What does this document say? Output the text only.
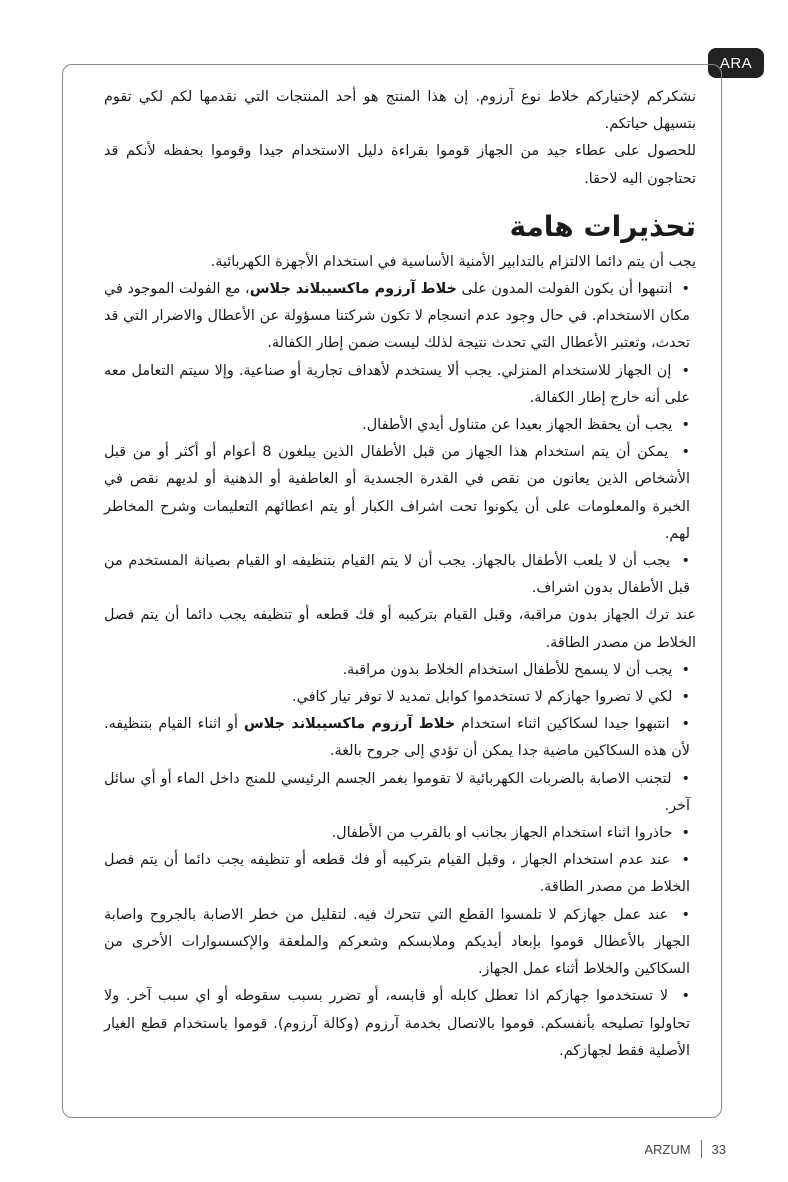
ARA

نشكركم لإختياركم خلاط نوع آرزوم. إن هذا المنتج هو أحد المنتجات التي نقدمها لكم لكي تقوم بتسيهل حياتكم.

للحصول على عطاء جيد من الجهاز قوموا بقراءة دليل الاستخدام جيدا وقوموا بحفظه لأنكم قد تحتاجون اليه لاحقا.

تحذيرات هامة

يجب أن يتم دائما الالتزام بالتدابير الأمنية الأساسية في استخدام الأجهزة الكهربائية.

•  انتبهوا أن يكون الفولت المدون على خلاط آرزوم ماكسيبلاند جلاس، مع الفولت الموجود في مكان الاستخدام. في حال وجود عدم انسجام لا تكون شركتنا مسؤولة عن الأعطال والاضرار التي قد تحدث، وتعتبر الأعطال التي تحدث نتيجة لذلك ليست ضمن إطار الكفالة.

•  إن الجهاز للاستخدام المنزلي. يجب ألا يستخدم لأهداف تجارية أو صناعية. وإلا سيتم التعامل معه على أنه خارج إطار الكفالة.

•  يجب أن يحفظ الجهاز بعيدا عن متناول أيدي الأطفال.

•  يمكن أن يتم استخدام هذا الجهاز من قبل الأطفال الذين يبلغون 8 أعوام أو أكثر أو من قبل الأشخاص الذين يعانون من نقص في القدرة الجسدية أو العاطفية أو الذهنية أو لديهم نقص في الخبرة والمعلومات على أن يكونوا تحت اشراف الكبار أو يتم اعطائهم التعليمات وشرح المخاطر لهم.

•  يجب أن لا يلعب الأطفال بالجهاز. يجب أن لا يتم القيام بتنظيفه او القيام بصيانة المستخدم من قبل الأطفال بدون اشراف.

عند ترك الجهاز بدون مراقبة، وقبل القيام بتركيبه أو فك قطعه أو تنظيفه يجب دائما أن يتم فصل الخلاط من مصدر الطاقة.

•  يجب أن لا يسمح للأطفال استخدام الخلاط بدون مراقبة.

•  لكي لا تضروا جهازكم لا تستخدموا كوابل تمديد لا توفر تيار كافي.

•  انتبهوا جيدا لسكاكين اثناء استخدام خلاط آرزوم ماكسيبلاند جلاس أو اثناء القيام بتنظيفه. لأن هذه السكاكين ماضية جدا يمكن أن تؤدي إلى جروح بالغة.

•  لتجنب الاصابة بالضربات الكهربائية لا تقوموا بغمر الجسم الرئيسي للمنج داخل الماء أو أي سائل آخر.

•  حاذروا اثناء استخدام الجهاز بجانب او بالقرب من الأطفال.

•  عند عدم استخدام الجهاز ، وقبل القيام بتركيبه أو فك قطعه أو تنظيفه يجب دائما أن يتم فصل الخلاط من مصدر الطاقة.

•  عند عمل جهازكم لا تلمسوا القطع التي تتحرك فيه. لتقليل من خطر الاصابة بالجروح واصابة الجهاز بالأعطال قوموا بإبعاد أيديكم وملابسكم وشعركم والملعقة والإكسسوارات الأخرى من السكاكين والخلاط أثناء عمل الجهاز.

•  لا تستخدموا جهازكم اذا تعطل كابله أو قابسه، أو تضرر بسبب سقوطه أو اي سبب آخر. ولا تحاولوا تصليحه بأنفسكم. قوموا بالاتصال بخدمة آرزوم (وكالة آرزوم). قوموا باستخدام قطع الغيار الأصلية فقط لجهازكم.

ARZUM 33
